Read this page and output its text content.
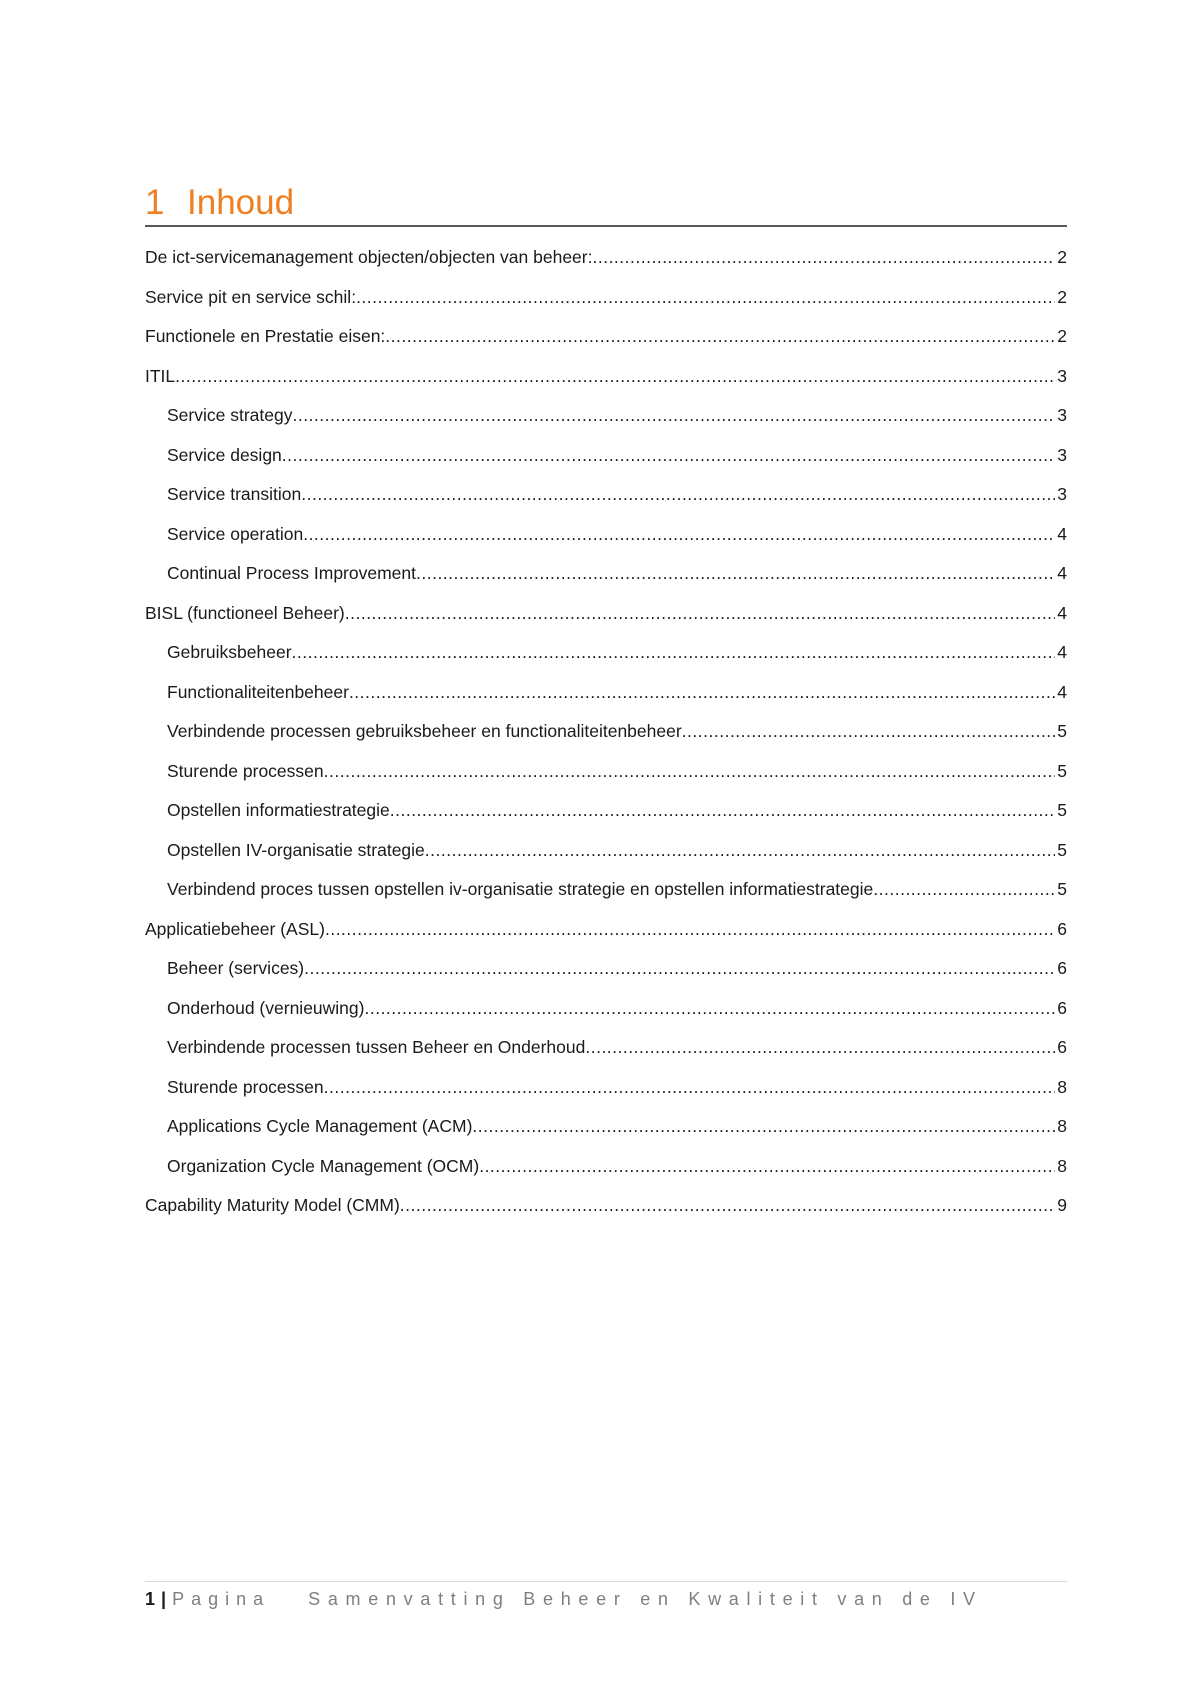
1 Inhoud
De ict-servicemanagement objecten/objecten van beheer: .....	2
Service pit en service schil: .....	2
Functionele en Prestatie eisen: .....	2
ITIL .....	3
Service strategy .....	3
Service design .....	3
Service transition .....	3
Service operation .....	4
Continual Process Improvement .....	4
BISL (functioneel Beheer) .....	4
Gebruiksbeheer .....	4
Functionaliteitenbeheer .....	4
Verbindende processen gebruiksbeheer en functionaliteitenbeheer .....	5
Sturende processen .....	5
Opstellen informatiestrategie .....	5
Opstellen IV-organisatie strategie .....	5
Verbindend proces tussen opstellen iv-organisatie strategie en opstellen informatiestrategie .....	5
Applicatiebeheer (ASL) .....	6
Beheer (services) .....	6
Onderhoud (vernieuwing) .....	6
Verbindende processen tussen Beheer en Onderhoud .....	6
Sturende processen .....	8
Applications Cycle Management (ACM) .....	8
Organization Cycle Management (OCM) .....	8
Capability Maturity Model (CMM) .....	9
1 | Pagina Samenvatting Beheer en Kwaliteit van de IV
